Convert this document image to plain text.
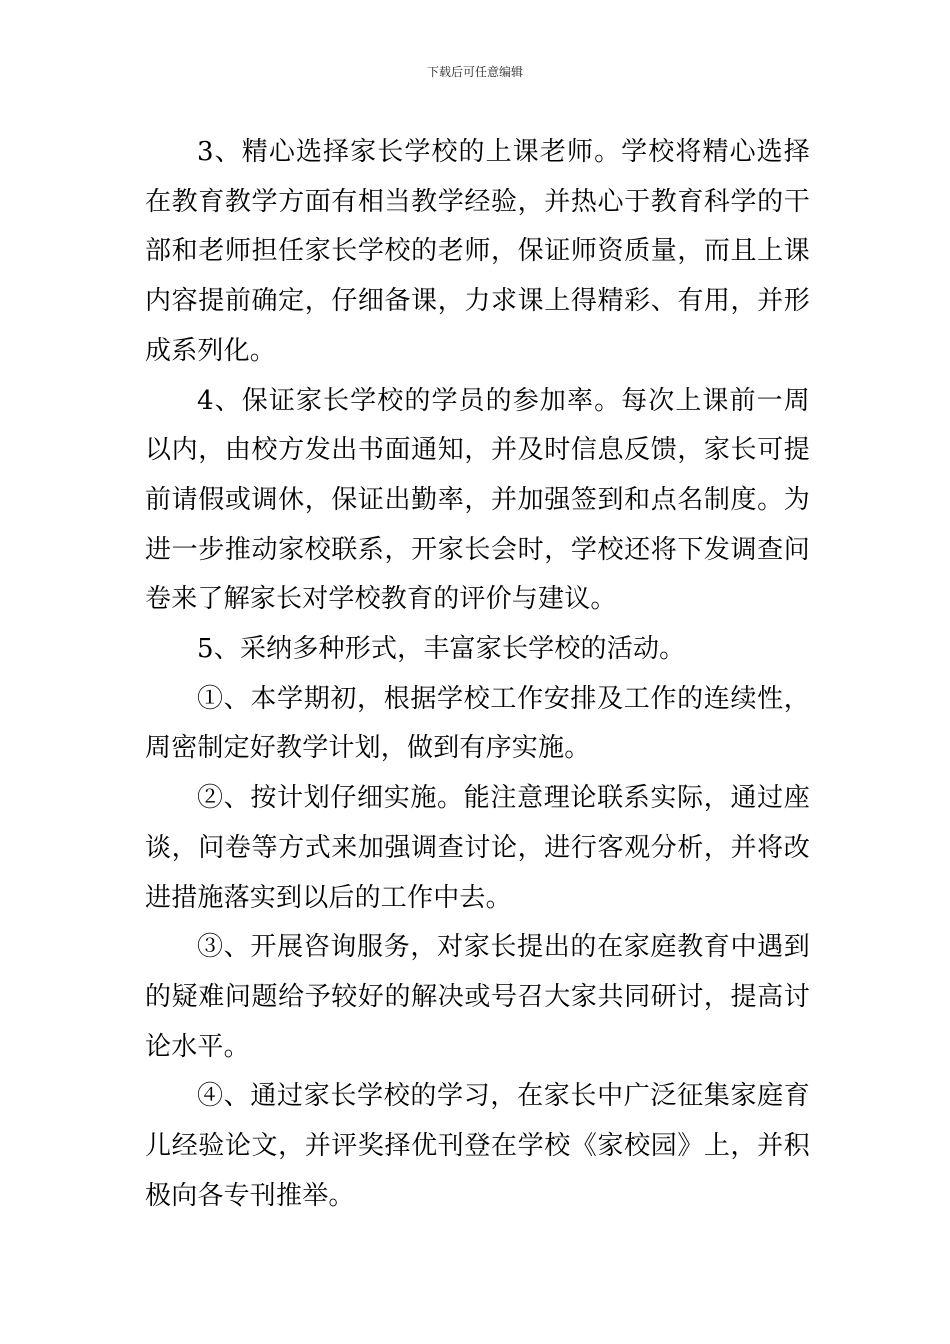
下载后可任意编辑

3、精心选择家长学校的上课老师。学校将精心选择在教育教学方面有相当教学经验，并热心于教育科学的干部和老师担任家长学校的老师，保证师资质量，而且上课内容提前确定，仔细备课，力求课上得精彩、有用，并形成系列化。

4、保证家长学校的学员的参加率。每次上课前一周以内，由校方发出书面通知，并及时信息反馈，家长可提前请假或调休，保证出勤率，并加强签到和点名制度。为进一步推动家校联系，开家长会时，学校还将下发调查问卷来了解家长对学校教育的评价与建议。

5、采纳多种形式，丰富家长学校的活动。

①、本学期初，根据学校工作安排及工作的连续性，周密制定好教学计划，做到有序实施。

②、按计划仔细实施。能注意理论联系实际，通过座谈，问卷等方式来加强调查讨论，进行客观分析，并将改进措施落实到以后的工作中去。

③、开展咨询服务，对家长提出的在家庭教育中遇到的疑难问题给予较好的解决或号召大家共同研讨，提高讨论水平。

④、通过家长学校的学习，在家长中广泛征集家庭育儿经验论文，并评奖择优刊登在学校《家校园》上，并积极向各专刊推举。
